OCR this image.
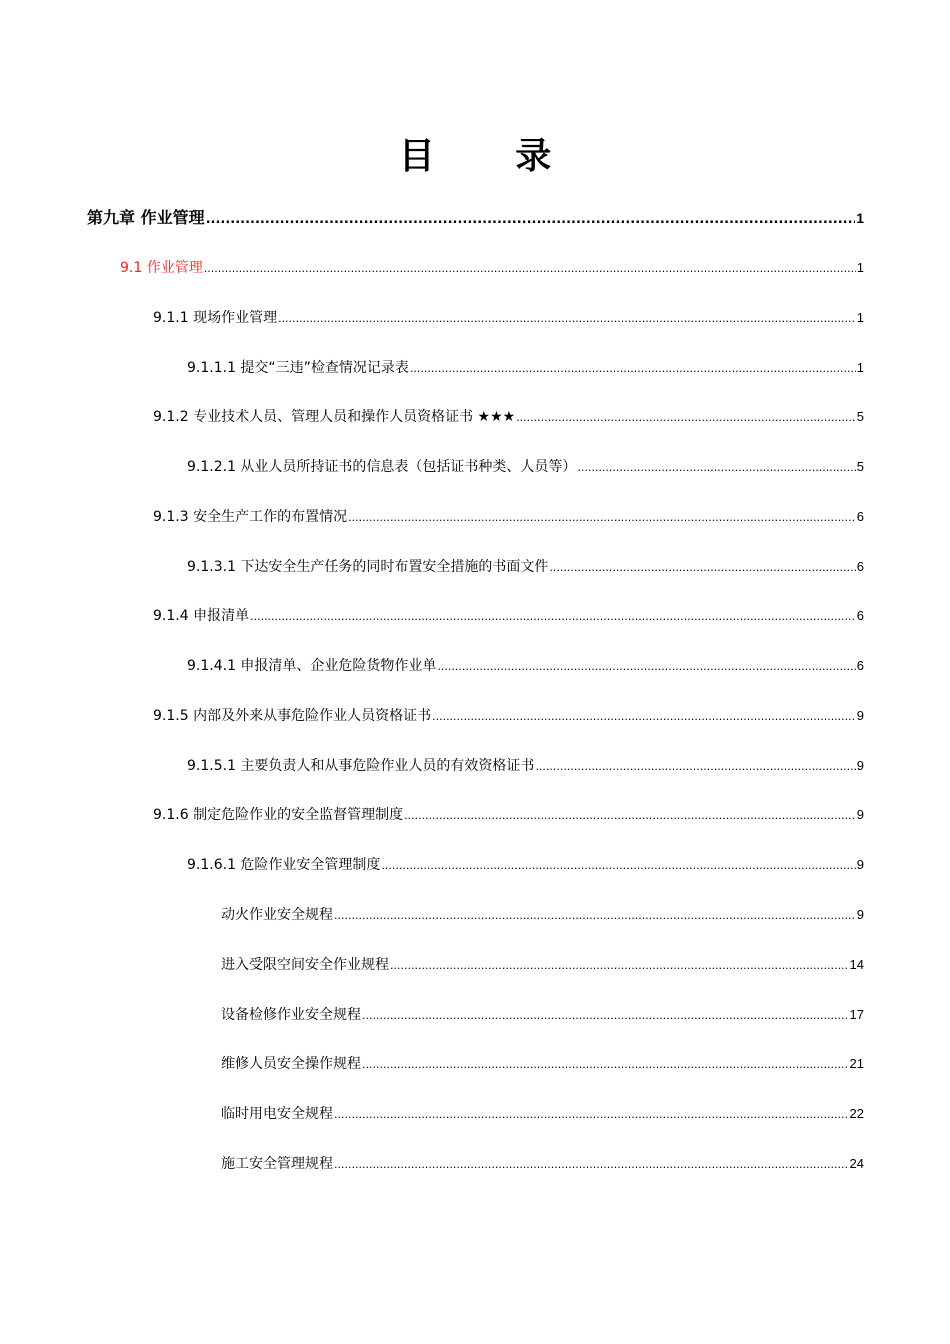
目 录
第九章 作业管理 .....	1
9.1 作业管理 .....	1
9.1.1 现场作业管理 .....	1
9.1.1.1 提交“三违”检查情况记录表 .....	1
9.1.2 专业技术人员、管理人员和操作人员资格证书 ★★★ .....	5
9.1.2.1 从业人员所持证书的信息表（包括证书种类、人员等） .....	5
9.1.3 安全生产工作的布置情况 .....	6
9.1.3.1 下达安全生产任务的同时布置安全措施的书面文件 .....	6
9.1.4 申报清单 .....	6
9.1.4.1 申报清单、企业危险货物作业单 .....	6
9.1.5 内部及外来从事危险作业人员资格证书 .....	9
9.1.5.1 主要负责人和从事危险作业人员的有效资格证书 .....	9
9.1.6 制定危险作业的安全监督管理制度 .....	9
9.1.6.1 危险作业安全管理制度 .....	9
动火作业安全规程 .....	9
进入受限空间安全作业规程 .....	14
设备检修作业安全规程 .....	17
维修人员安全操作规程 .....	21
临时用电安全规程 .....	22
施工安全管理规程 .....	24
